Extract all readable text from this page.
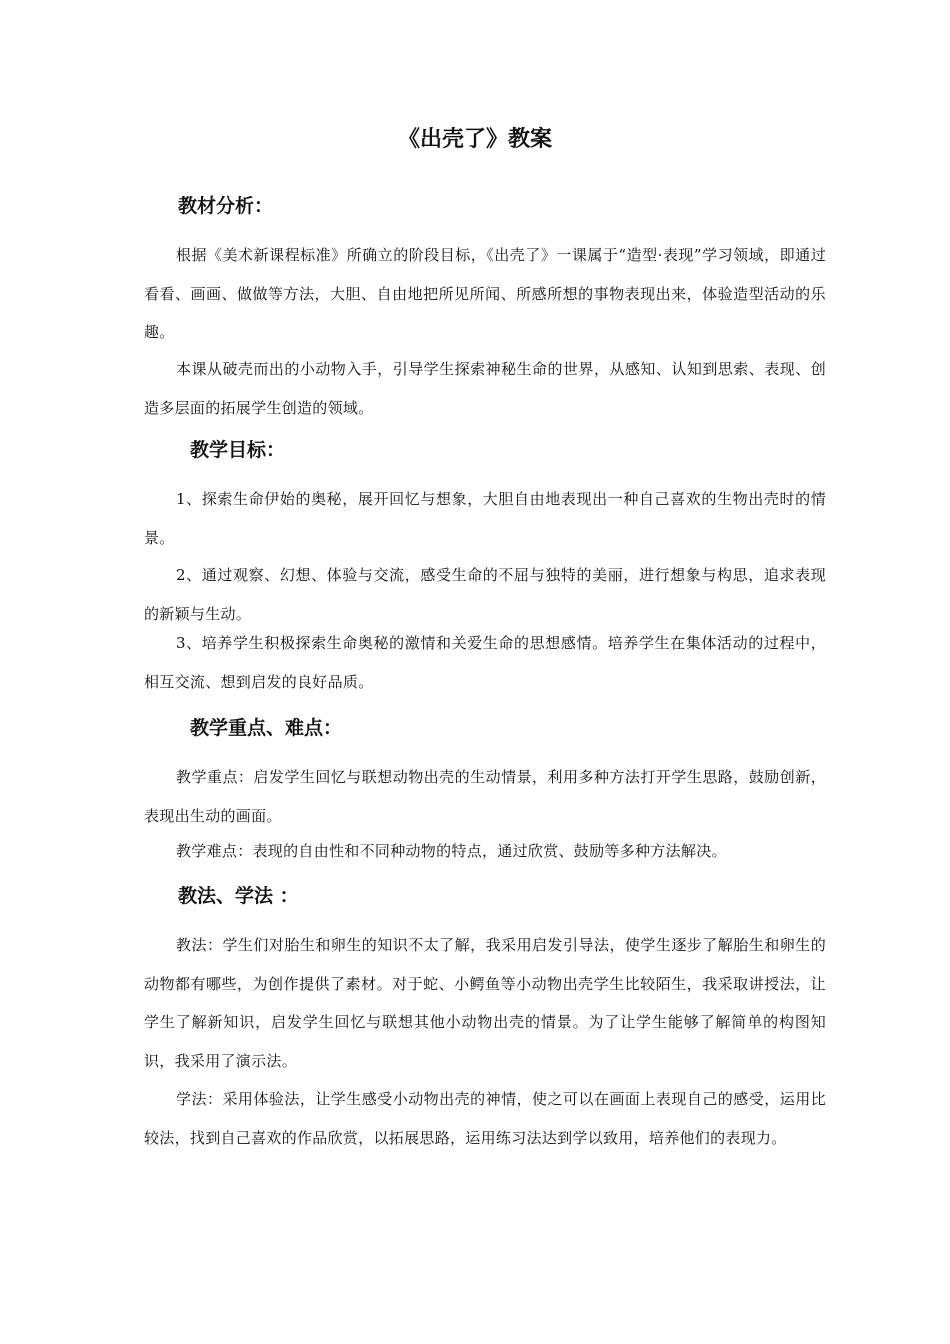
《出壳了》教案
教材分析：

根据《美术新课程标准》所确立的阶段目标，《出壳了》一课属于“造型·表现”学习领域，即通过看看、画画、做做等方法，大胆、自由地把所见所闻、所感所想的事物表现出来，体验造型活动的乐趣。

本课从破壳而出的小动物入手，引导学生探索神秘生命的世界，从感知、认知到思索、表现、创造多层面的拓展学生创造的领域。

教学目标：

1、探索生命伊始的奥秘，展开回忆与想象，大胆自由地表现出一种自己喜欢的生物出壳时的情景。

2、通过观察、幻想、体验与交流，感受生命的不屈与独特的美丽，进行想象与构思，追求表现的新颖与生动。

3、培养学生积极探索生命奥秘的激情和关爱生命的思想感情。培养学生在集体活动的过程中，相互交流、想到启发的良好品质。

教学重点、难点：

教学重点：启发学生回忆与联想动物出壳的生动情景，利用多种方法打开学生思路，鼓励创新，表现出生动的画面。

教学难点：表现的自由性和不同种动物的特点，通过欣赏、鼓励等多种方法解决。

教法、学法 ：

教法：学生们对胎生和卵生的知识不太了解，我采用启发引导法，使学生逐步了解胎生和卵生的动物都有哪些，为创作提供了素材。对于蛇、小鳄鱼等小动物出壳学生比较陌生，我采取讲授法，让学生了解新知识，启发学生回忆与联想其他小动物出壳的情景。为了让学生能够了解简单的构图知识，我采用了演示法。

学法：采用体验法，让学生感受小动物出壳的神情，使之可以在画面上表现自己的感受，运用比较法，找到自己喜欢的作品欣赏，以拓展思路，运用练习法达到学以致用，培养他们的表现力。
